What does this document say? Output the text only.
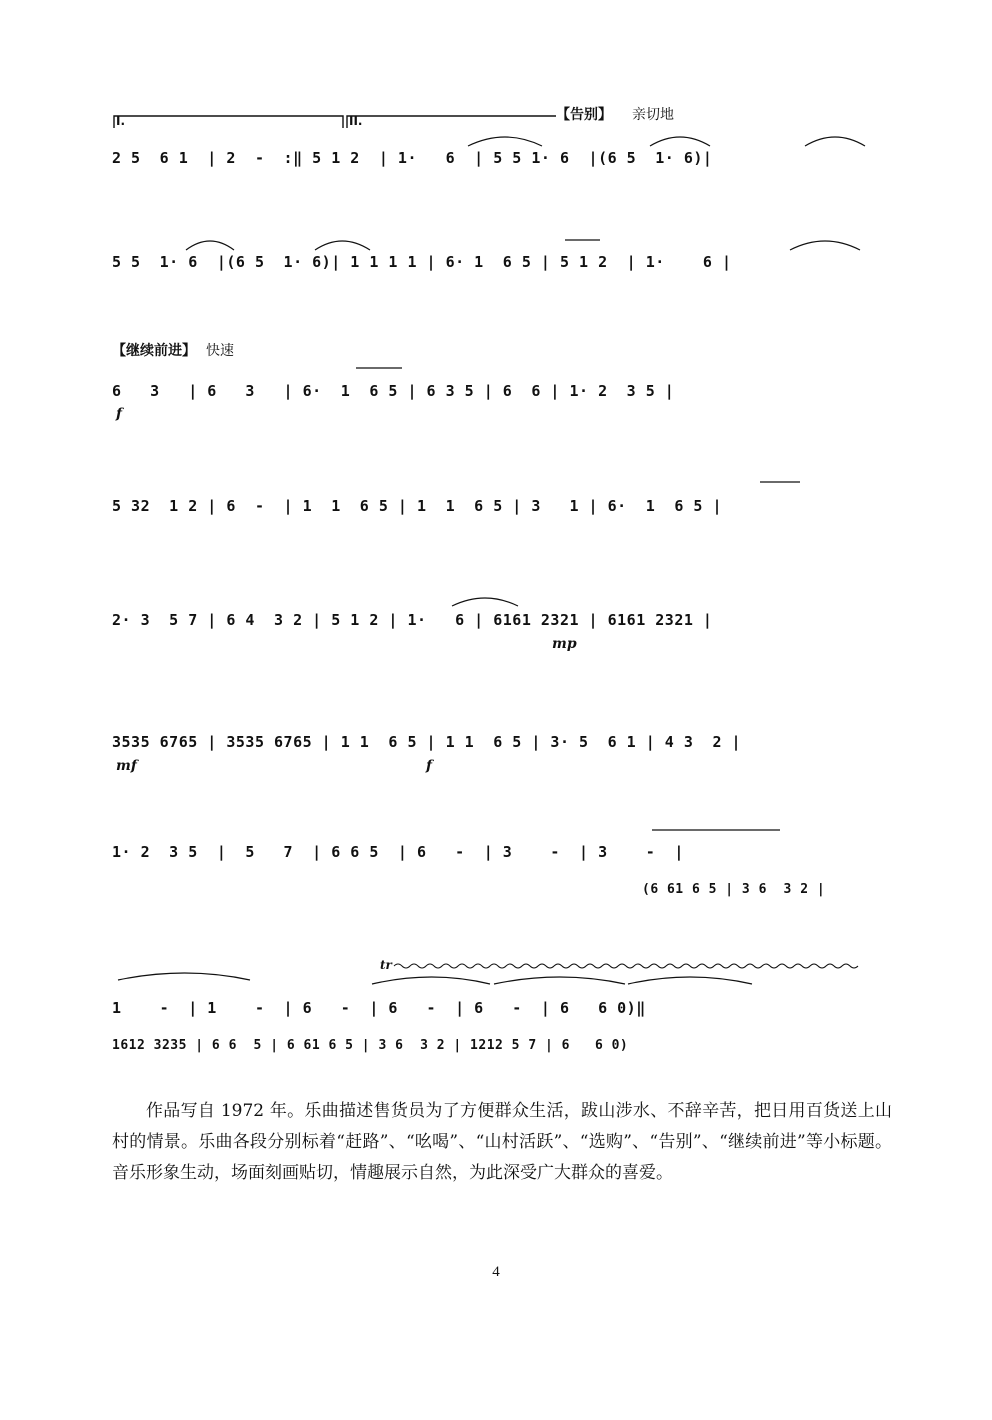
I.	II.	【告别】 亲切地
2 5  6 1  | 2  -  :‖ 5 1 2  | 1·   6  | 5 5 1· 6  |(6 5  1· 6)|
5 5  1· 6  |(6 5  1· 6)| 1 1 1 1 | 6· 1  6 5 | 5 1 2  | 1·    6 |
【继续前进】 快速
6   3   | 6   3   | 6·  1  6 5 | 6 3 5 | 6  6 | 1· 2  3 5 |
f
5 32  1 2 | 6  -  | 1  1  6 5 | 1  1  6 5 | 3   1 | 6·  1  6 5 |
2· 3  5 7 | 6 4  3 2 | 5 1 2 | 1·   6 | 6161 2321 | 6161 2321 |
mp
3535 6765 | 3535 6765 | 1 1  6 5 | 1 1  6 5 | 3· 5  6 1 | 4 3  2 |
mf	f
1· 2  3 5  |  5   7  | 6 6 5  | 6   -  | 3    -  | 3    -  |
(6 61 6 5 | 3 6  3 2 |
tr
1    -  | 1    -  | 6   -  | 6   -  | 6   -  | 6   6 0)‖
1612 3235 | 6 6  5 | 6 61 6 5 | 3 6  3 2 | 1212 5 7 | 6   6 0)
作品写自 1972 年。乐曲描述售货员为了方便群众生活，跋山涉水、不辞辛苦，把日用百货送上山村的情景。乐曲各段分别标着“赶路”、“吆喝”、“山村活跃”、“选购”、“告别”、“继续前进”等小标题。音乐形象生动，场面刻画贴切，情趣展示自然，为此深受广大群众的喜爱。
4
